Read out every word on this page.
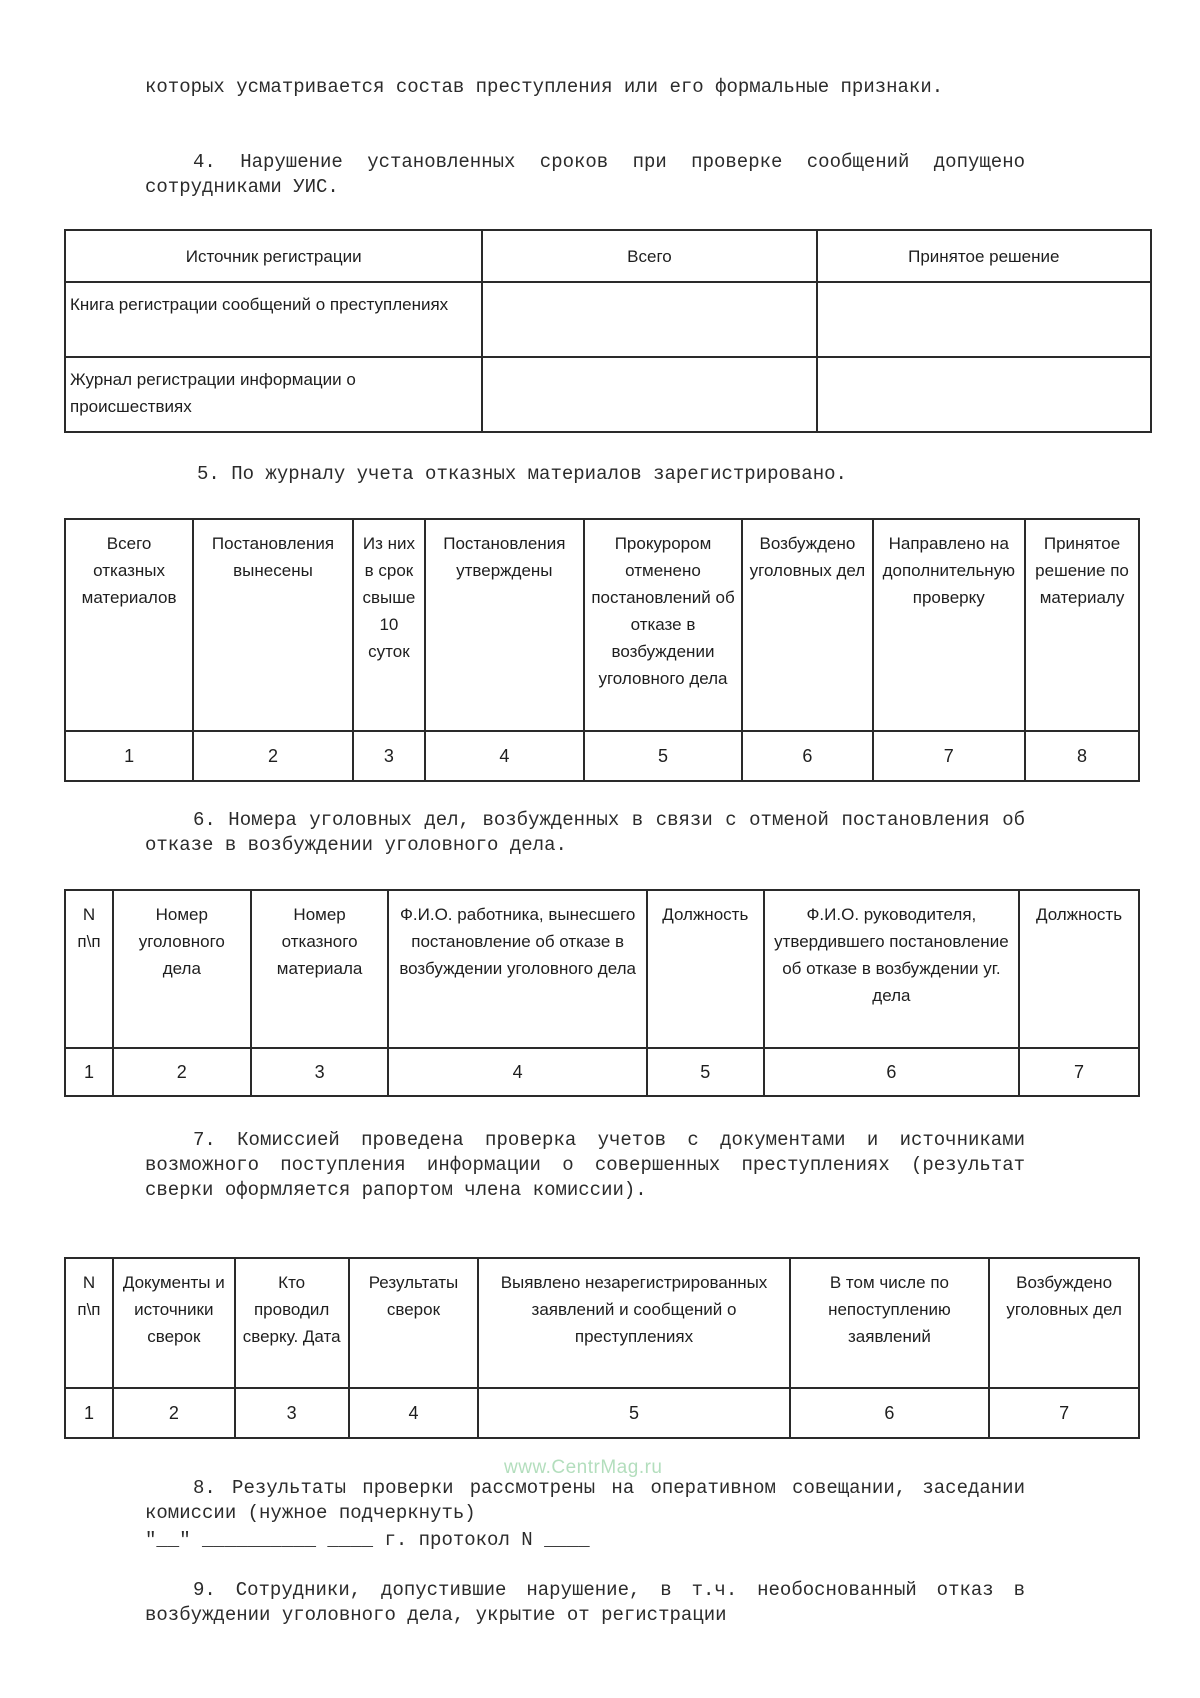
которых усматривается состав преступления или его формальные признаки.

4. Нарушение установленных сроков при проверке сообщений допущено сотрудниками УИС.

Источник регистрации	Всего	Принятое решение
Книга регистрации сообщений о преступлениях		
Журнал регистрации информации о происшествиях		

5. По журналу учета отказных материалов зарегистрировано.

Всего отказных материалов	Постановления вынесены	Из них в срок свыше 10 суток	Постановления утверждены	Прокурором отменено постановлений об отказе в возбуждении уголовного дела	Возбуждено уголовных дел	Направлено на дополнительную проверку	Принятое решение по материалу
1	2	3	4	5	6	7	8

6. Номера уголовных дел, возбужденных в связи с отменой постановления об отказе в возбуждении уголовного дела.

N п\п	Номер уголовного дела	Номер отказного материала	Ф.И.О. работника, вынесшего постановление об отказе в возбуждении уголовного дела	Должность	Ф.И.О. руководителя, утвердившего постановление об отказе в возбуждении уг. дела	Должность
1	2	3	4	5	6	7

7. Комиссией проведена проверка учетов с документами и источниками возможного поступления информации о совершенных преступлениях (результат сверки оформляется рапортом члена комиссии).

N п\п	Документы и источники сверок	Кто проводил сверку. Дата	Результаты сверок	Выявлено незарегистрированных заявлений и сообщений о преступлениях	В том числе по непоступлению заявлений	Возбуждено уголовных дел
1	2	3	4	5	6	7

8. Результаты проверки рассмотрены на оперативном совещании, заседании комиссии (нужное подчеркнуть)

"__" __________ ____ г. протокол N ____

www.CentrMag.ru

9. Сотрудники, допустившие нарушение, в т.ч. необоснованный отказ в возбуждении уголовного дела, укрытие от регистрации
